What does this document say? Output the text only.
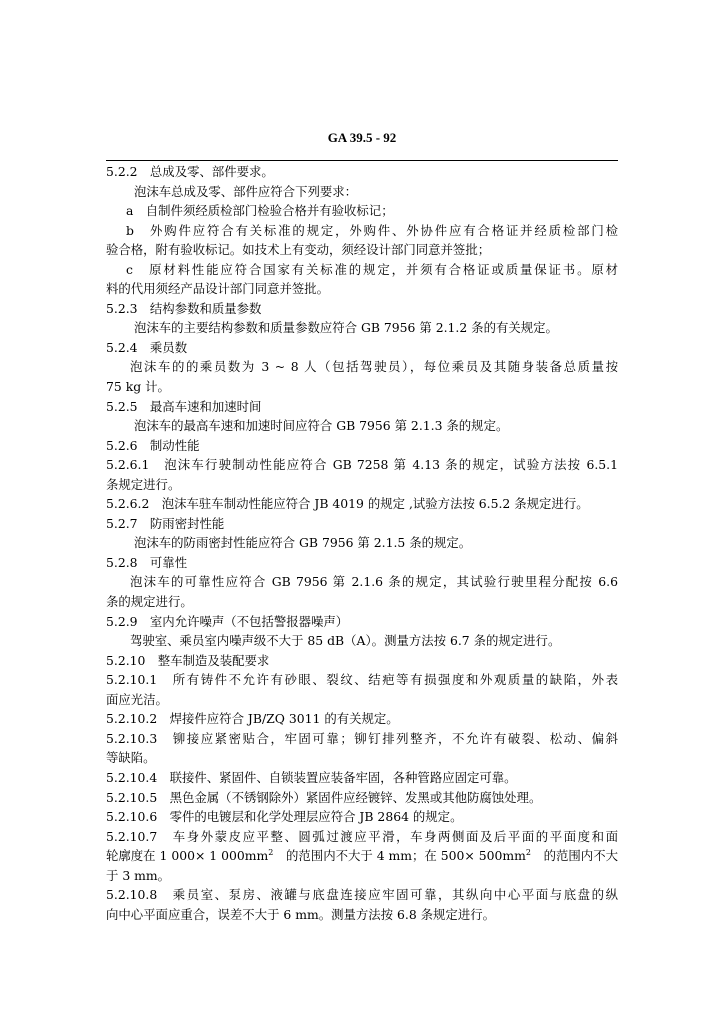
GA 39.5 - 92
5.2.2　总成及零、部件要求。
泡沫车总成及零、部件应符合下列要求：
a　自制件须经质检部门检验合格并有验收标记；
b　外购件应符合有关标准的规定，外购件、外协件应有合格证并经质检部门检
验合格，附有验收标记。如技术上有变动，须经设计部门同意并签批；
c　原材料性能应符合国家有关标准的规定，并须有合格证或质量保证书。原材
料的代用须经产品设计部门同意并签批。
5.2.3　结构参数和质量参数
泡沫车的主要结构参数和质量参数应符合 GB 7956 第 2.1.2 条的有关规定。
5.2.4　乘员数
泡沫车的的乘员数为 3 ~ 8 人（包括驾驶员），每位乘员及其随身装备总质量按
75 kg 计。
5.2.5　最高车速和加速时间
泡沫车的最高车速和加速时间应符合 GB 7956 第 2.1.3 条的规定。
5.2.6　制动性能
5.2.6.1　泡沫车行驶制动性能应符合 GB 7258 第 4.13 条的规定，试验方法按 6.5.1
条规定进行。
5.2.6.2　泡沫车驻车制动性能应符合 JB 4019 的规定 ,试验方法按 6.5.2 条规定进行。
5.2.7　防雨密封性能
泡沫车的防雨密封性能应符合 GB 7956 第 2.1.5 条的规定。
5.2.8　可靠性
泡沫车的可靠性应符合 GB 7956 第 2.1.6 条的规定，其试验行驶里程分配按 6.6
条的规定进行。
5.2.9　室内允许噪声（不包括警报器噪声）
驾驶室、乘员室内噪声级不大于 85 dB（A）。测量方法按 6.7 条的规定进行。
5.2.10　整车制造及装配要求
5.2.10.1　所有铸件不允许有砂眼、裂纹、结疤等有损强度和外观质量的缺陷，外表
面应光洁。
5.2.10.2　焊接件应符合 JB/ZQ 3011 的有关规定。
5.2.10.3　铆接应紧密贴合，牢固可靠；铆钉排列整齐，不允许有破裂、松动、偏斜
等缺陷。
5.2.10.4　联接件、紧固件、自锁装置应装备牢固，各种管路应固定可靠。
5.2.10.5　黑色金属（不锈钢除外）紧固件应经镀锌、发黑或其他防腐蚀处理。
5.2.10.6　零件的电镀层和化学处理层应符合 JB 2864 的规定。
5.2.10.7　车身外蒙皮应平整、圆弧过渡应平滑，车身两侧面及后平面的平面度和面
轮廓度在 1 000× 1 $000mm^2$ 的范围内不大于 4 mm；在 $500\times 500mm^2$ 的范围内不大
于 3 mm。
5.2.10.8　乘员室、泵房、液罐与底盘连接应牢固可靠，其纵向中心平面与底盘的纵
向中心平面应重合，误差不大于 6 mm。测量方法按 6.8 条规定进行。
